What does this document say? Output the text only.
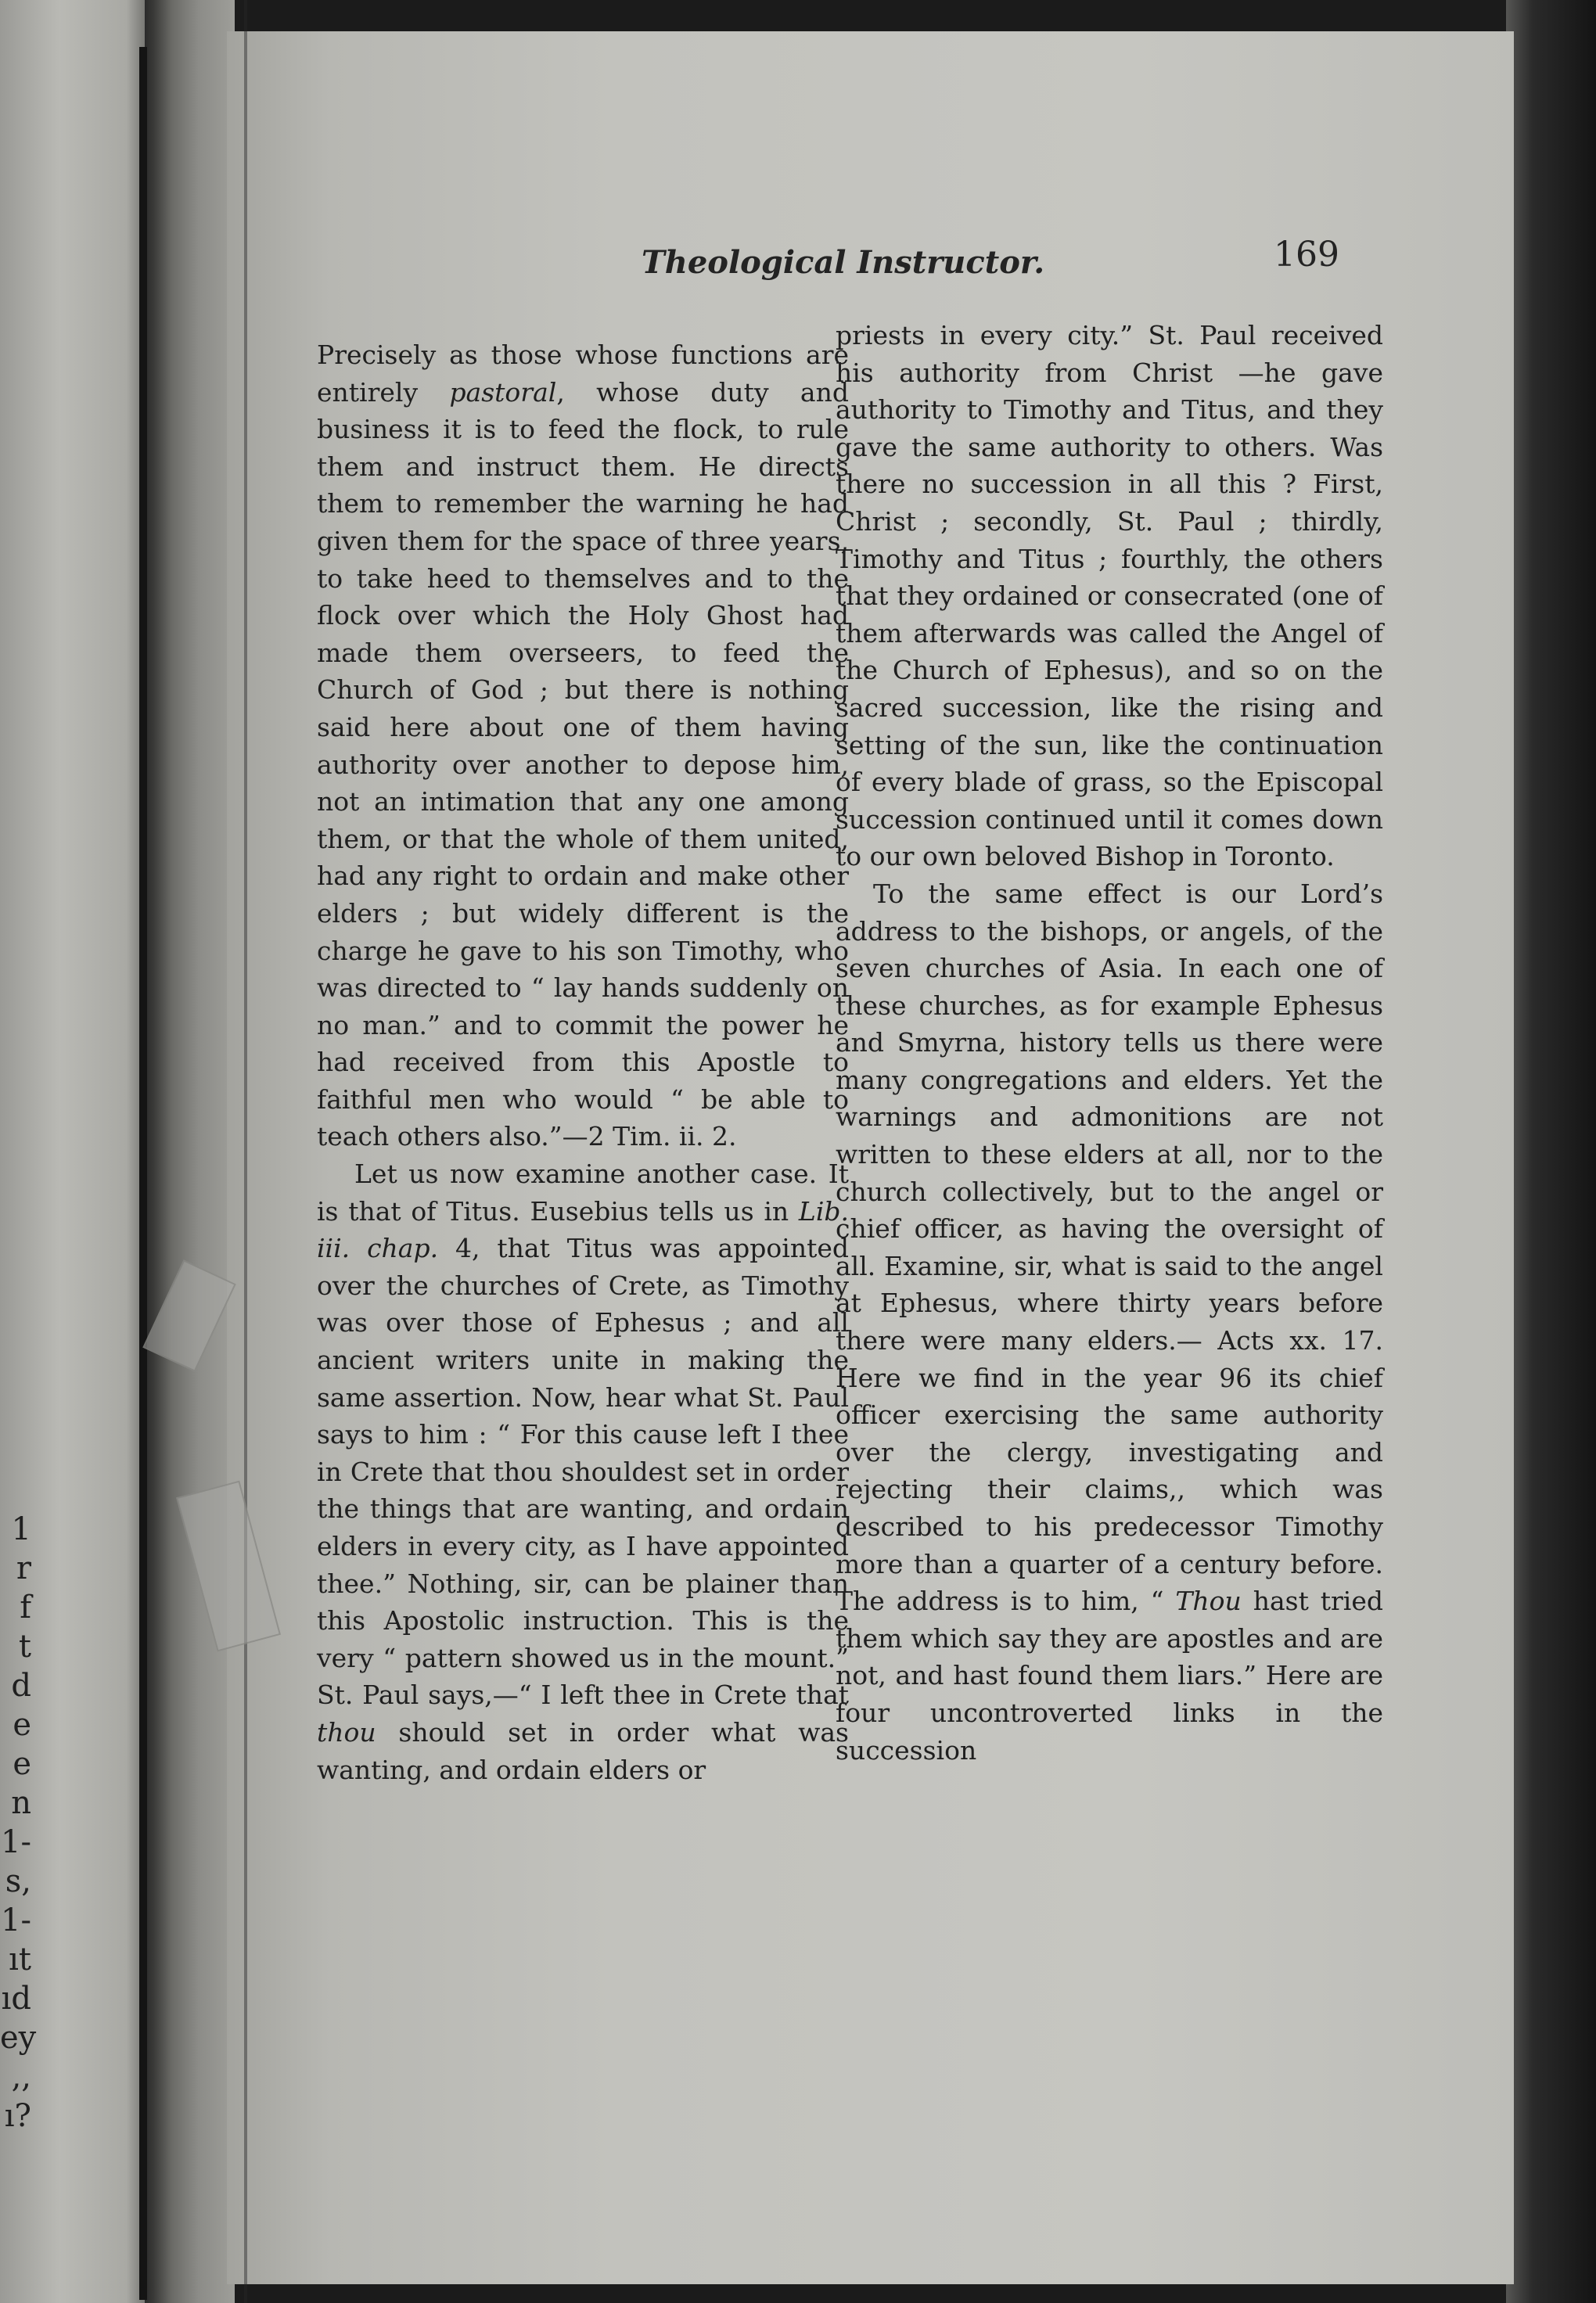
1
r
f
t
d
e
e
n
1-
s,
1-
ıt
ıd
ey
,,
ı?
Theological Instructor.	169

Precisely as those whose functions are entirely pastoral, whose duty and business it is to feed the flock, to rule them and instruct them. He directs them to remember the warning he had given them for the space of three years, to take heed to themselves and to the flock over which the Holy Ghost had made them overseers, to feed the Church of God ; but there is nothing said here about one of them having authority over another to depose him, not an intimation that any one among them, or that the whole of them united, had any right to ordain and make other elders ; but widely different is the charge he gave to his son Timothy, who was directed to “ lay hands suddenly on no man.” and to commit the power he had received from this Apostle to faithful men who would “ be able to teach others also.”—2 Tim. ii. 2.

Let us now examine another case. It is that of Titus. Eusebius tells us in Lib. iii. chap. 4, that Titus was appointed over the churches of Crete, as Timothy was over those of Ephesus ; and all ancient writers unite in making the same assertion. Now, hear what St. Paul says to him : “ For this cause left I thee in Crete that thou shouldest set in order the things that are wanting, and ordain elders in every city, as I have appointed thee.” Nothing, sir, can be plainer than this Apostolic instruction. This is the very “ pattern showed us in the mount.” St. Paul says,—“ I left thee in Crete that thou should set in order what was wanting, and ordain elders or

priests in every city.” St. Paul received his authority from Christ —he gave authority to Timothy and Titus, and they gave the same authority to others. Was there no succession in all this ? First, Christ ; secondly, St. Paul ; thirdly, Timothy and Titus ; fourthly, the others that they ordained or consecrated (one of them afterwards was called the Angel of the Church of Ephesus), and so on the sacred succession, like the rising and setting of the sun, like the continuation of every blade of grass, so the Episcopal succession continued until it comes down to our own beloved Bishop in Toronto.

To the same effect is our Lord’s address to the bishops, or angels, of the seven churches of Asia. In each one of these churches, as for example Ephesus and Smyrna, history tells us there were many congregations and elders. Yet the warnings and admonitions are not written to these elders at all, nor to the church collectively, but to the angel or chief officer, as having the oversight of all. Examine, sir, what is said to the angel at Ephesus, where thirty years before there were many elders.— Acts xx. 17. Here we find in the year 96 its chief officer exercising the same authority over the clergy, investigating and rejecting their claims,, which was described to his predecessor Timothy more than a quarter of a century before. The address is to him, “ Thou hast tried them which say they are apostles and are not, and hast found them liars.” Here are four uncontroverted links in the succession
